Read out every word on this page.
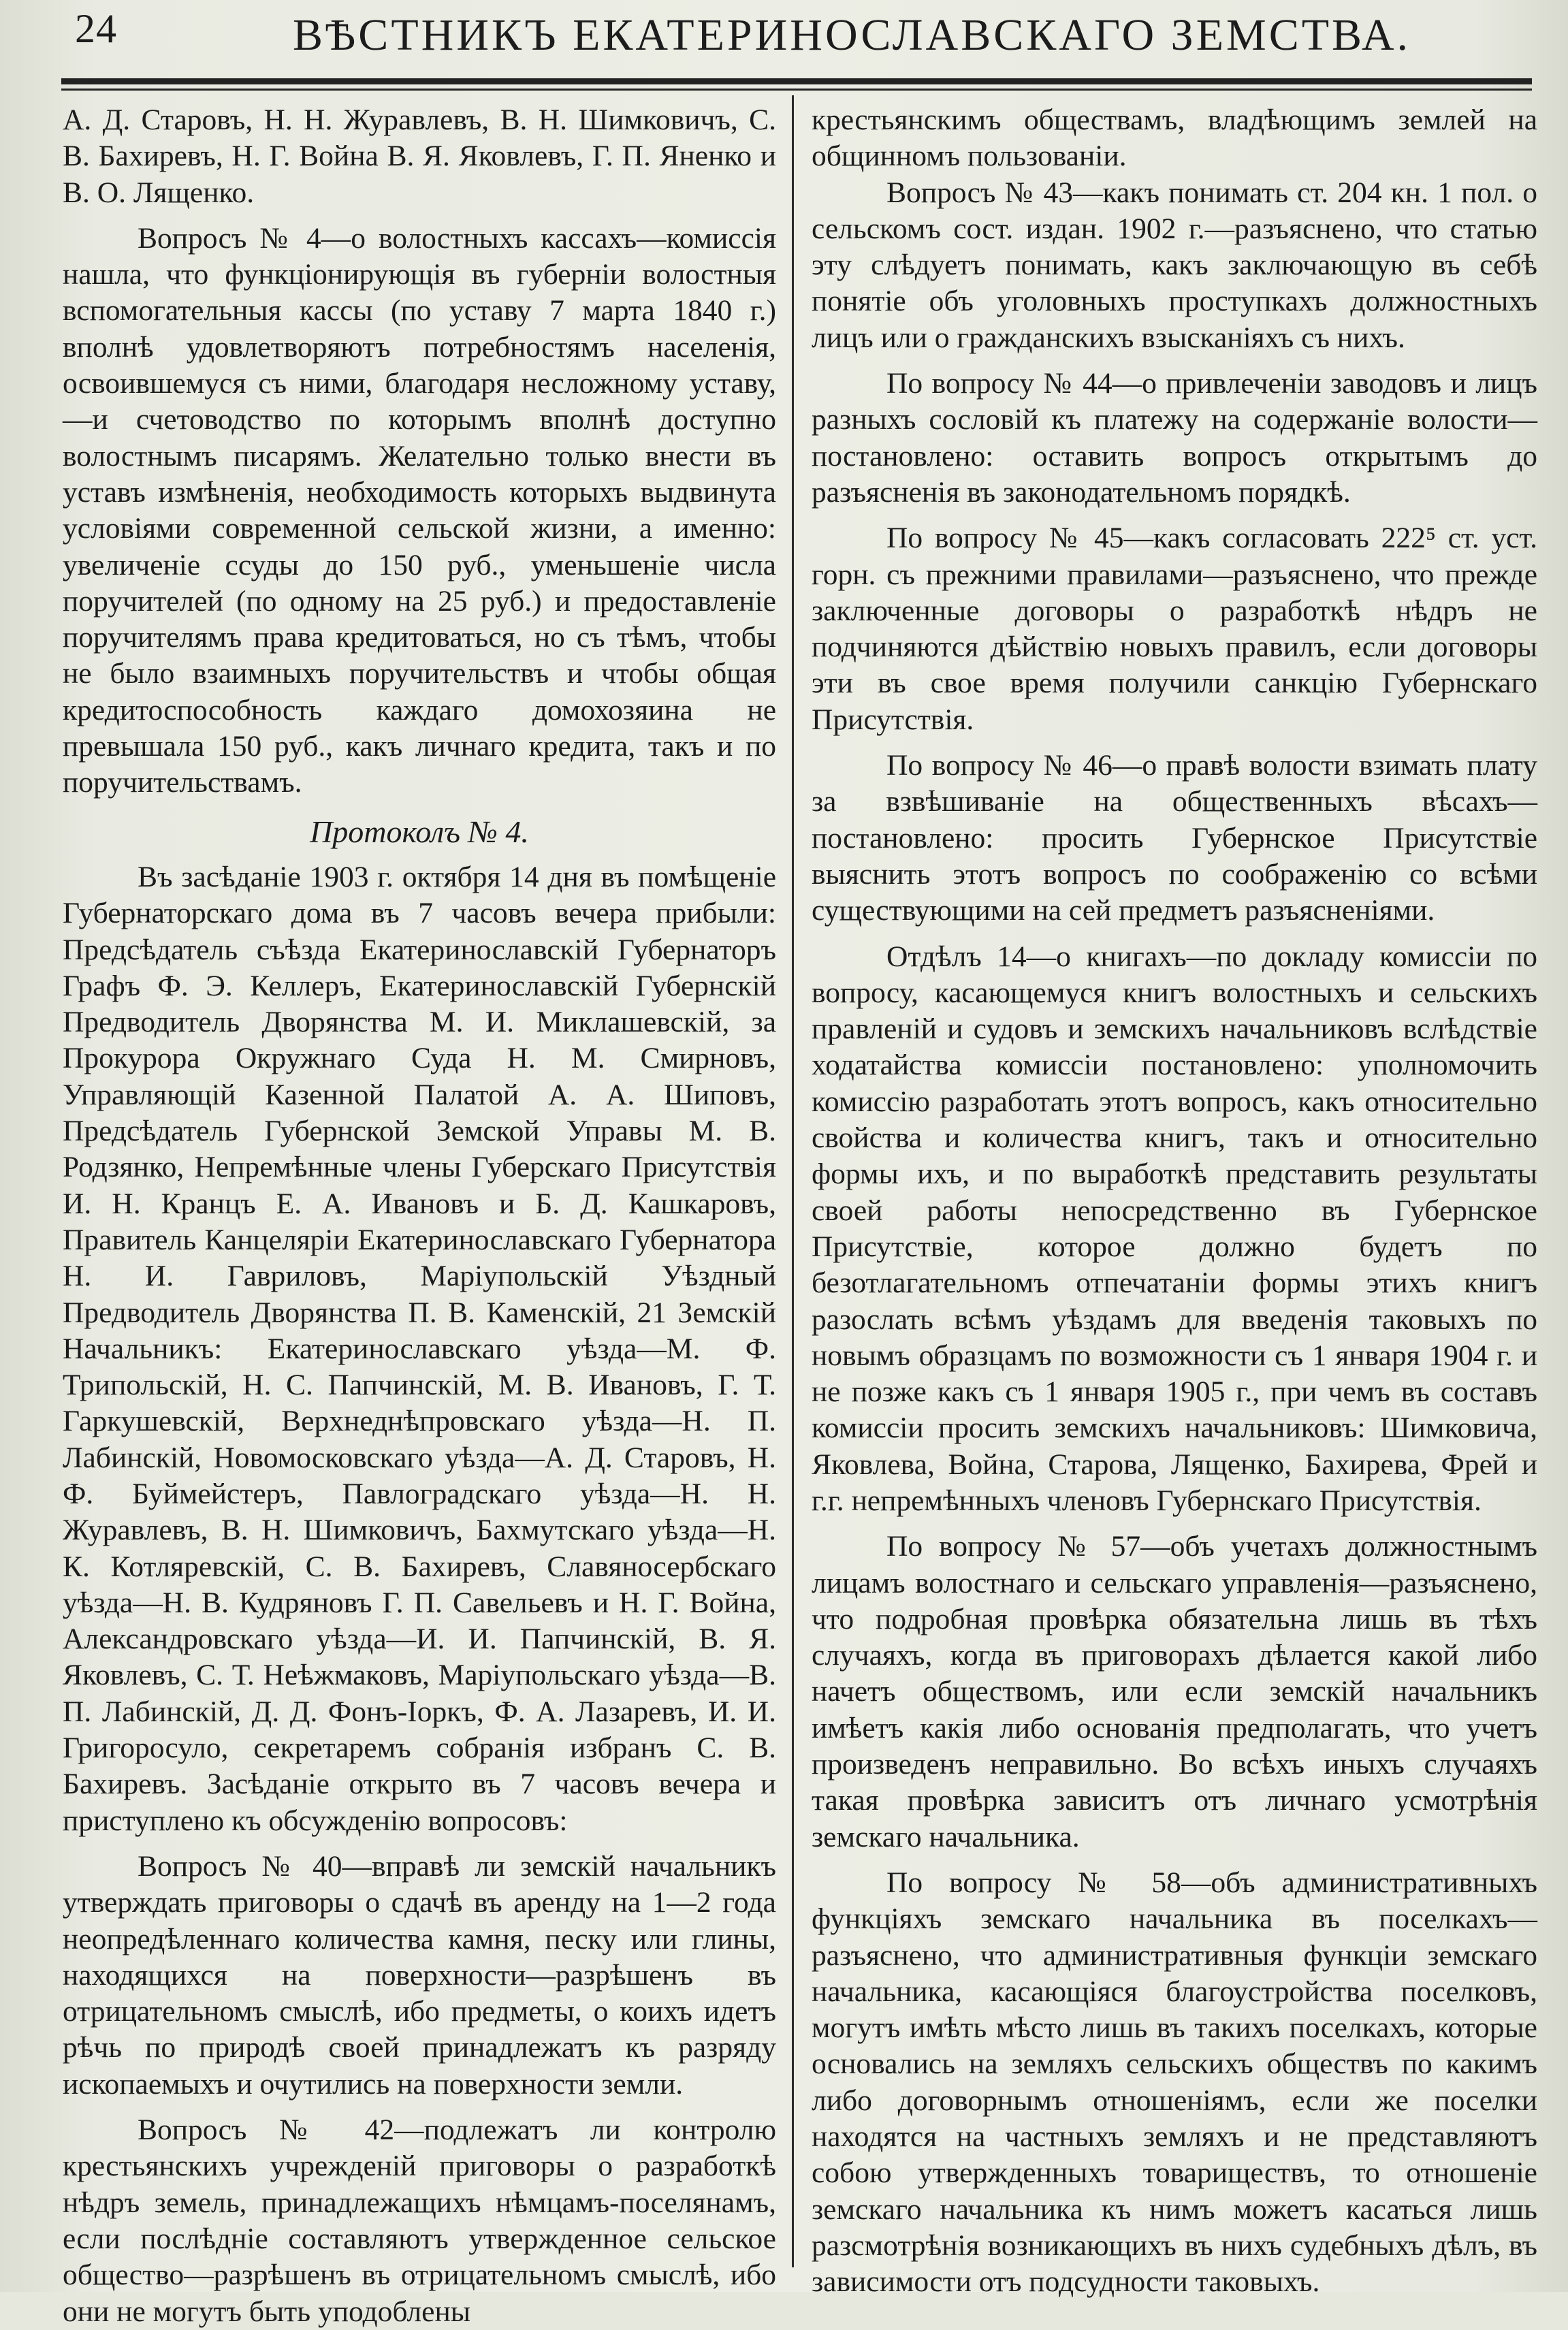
24	ВѢСТНИКЪ ЕКАТЕРИНОСЛАВСКАГО ЗЕМСТВА.

А. Д. Старовъ, Н. Н. Журавлевъ, В. Н. Шимковичъ, С. В. Бахиревъ, Н. Г. Война В. Я. Яковлевъ, Г. П. Яненко и В. О. Лященко.

Вопросъ № 4—о волостныхъ кассахъ—комиссія нашла, что функціонирующія въ губерніи волостныя вспомогательныя кассы (по уставу 7 марта 1840 г.) вполнѣ удовлетворяютъ потребностямъ населенія, освоившемуся съ ними, благодаря несложному уставу,—и счетоводство по которымъ вполнѣ доступно волостнымъ писарямъ. Желательно только внести въ уставъ измѣненія, необходимость которыхъ выдвинута условіями современной сельской жизни, а именно: увеличеніе ссуды до 150 руб., уменьшеніе числа поручителей (по одному на 25 руб.) и предоставленіе поручителямъ права кредитоваться, но съ тѣмъ, чтобы не было взаимныхъ поручительствъ и чтобы общая кредитоспособность каждаго домохозяина не превышала 150 руб., какъ личнаго кредита, такъ и по поручительствамъ.

Протоколъ № 4.

Въ засѣданіе 1903 г. октября 14 дня въ помѣщеніе Губернаторскаго дома въ 7 часовъ вечера прибыли: Предсѣдатель съѣзда Екатеринославскій Губернаторъ Графъ Ф. Э. Келлеръ, Екатеринославскій Губернскій Предводитель Дворянства М. И. Миклашевскій, за Прокурора Окружнаго Суда Н. М. Смирновъ, Управляющій Казенной Палатой А. А. Шиповъ, Предсѣдатель Губернской Земской Управы М. В. Родзянко, Непремѣнные члены Губерскаго Присутствія И. Н. Кранцъ Е. А. Ивановъ и Б. Д. Кашкаровъ, Правитель Канцеляріи Екатеринославскаго Губернатора Н. И. Гавриловъ, Маріупольскій Уѣздный Предводитель Дворянства П. В. Каменскій, 21 Земскій Начальникъ: Екатеринославскаго уѣзда—М. Ф. Трипольскій, Н. С. Папчинскій, М. В. Ивановъ, Г. Т. Гаркушевскій, Верхнеднѣпровскаго уѣзда—Н. П. Лабинскій, Новомосковскаго уѣзда—А. Д. Старовъ, Н. Ф. Буймейстеръ, Павлоградскаго уѣзда—Н. Н. Журавлевъ, В. Н. Шимковичъ, Бахмутскаго уѣзда—Н. К. Котляревскій, С. В. Бахиревъ, Славяносербскаго уѣзда—Н. В. Кудряновъ Г. П. Савельевъ и Н. Г. Война, Александровскаго уѣзда—И. И. Папчинскій, В. Я. Яковлевъ, С. Т. Неѣжмаковъ, Маріупольскаго уѣзда—В. П. Лабинскій, Д. Д. Фонъ-Іоркъ, Ф. А. Лазаревъ, И. И. Григоросуло, секретаремъ собранія избранъ С. В. Бахиревъ. Засѣданіе открыто въ 7 часовъ вечера и приступлено къ обсужденію вопросовъ:

Вопросъ № 40—вправѣ ли земскій начальникъ утверждать приговоры о сдачѣ въ аренду на 1—2 года неопредѣленнаго количества камня, песку или глины, находящихся на поверхности—разрѣшенъ въ отрицательномъ смыслѣ, ибо предметы, о коихъ идетъ рѣчь по природѣ своей принадлежатъ къ разряду ископаемыхъ и очутились на поверхности земли.

Вопросъ № 42—подлежатъ ли контролю крестьянскихъ учрежденій приговоры о разработкѣ нѣдръ земель, принадлежащихъ нѣмцамъ-поселянамъ, если послѣдніе составляютъ утвержденное сельское общество—разрѣшенъ въ отрицательномъ смыслѣ, ибо они не могутъ быть уподоблены

крестьянскимъ обществамъ, владѣющимъ землей на общинномъ пользованіи.

Вопросъ № 43—какъ понимать ст. 204 кн. 1 пол. о сельскомъ сост. издан. 1902 г.—разъяснено, что статью эту слѣдуетъ понимать, какъ заключающую въ себѣ понятіе объ уголовныхъ проступкахъ должностныхъ лицъ или о гражданскихъ взысканіяхъ съ нихъ.

По вопросу № 44—о привлеченіи заводовъ и лицъ разныхъ сословій къ платежу на содержаніе волости—постановлено: оставить вопросъ открытымъ до разъясненія въ законодательномъ порядкѣ.

По вопросу № 45—какъ согласовать 222⁵ ст. уст. горн. съ прежними правилами—разъяснено, что прежде заключенные договоры о разработкѣ нѣдръ не подчиняются дѣйствію новыхъ правилъ, если договоры эти въ свое время получили санкцію Губернскаго Присутствія.

По вопросу № 46—о правѣ волости взимать плату за взвѣшиваніе на общественныхъ вѣсахъ—постановлено: просить Губернское Присутствіе выяснить этотъ вопросъ по соображенію со всѣми существующими на сей предметъ разъясненіями.

Отдѣлъ 14—о книгахъ—по докладу комиссіи по вопросу, касающемуся книгъ волостныхъ и сельскихъ правленій и судовъ и земскихъ начальниковъ вслѣдствіе ходатайства комиссіи постановлено: уполномочить комиссію разработать этотъ вопросъ, какъ относительно свойства и количества книгъ, такъ и относительно формы ихъ, и по выработкѣ представить результаты своей работы непосредственно въ Губернское Присутствіе, которое должно будетъ по безотлагательномъ отпечатаніи формы этихъ книгъ разослать всѣмъ уѣздамъ для введенія таковыхъ по новымъ образцамъ по возможности съ 1 января 1904 г. и не позже какъ съ 1 января 1905 г., при чемъ въ составъ комиссіи просить земскихъ начальниковъ: Шимковича, Яковлева, Война, Старова, Лященко, Бахирева, Фрей и г.г. непремѣнныхъ членовъ Губернскаго Присутствія.

По вопросу № 57—объ учетахъ должностнымъ лицамъ волостнаго и сельскаго управленія—разъяснено, что подробная провѣрка обязательна лишь въ тѣхъ случаяхъ, когда въ приговорахъ дѣлается какой либо начетъ обществомъ, или если земскій начальникъ имѣетъ какія либо основанія предполагать, что учетъ произведенъ неправильно. Во всѣхъ иныхъ случаяхъ такая провѣрка зависитъ отъ личнаго усмотрѣнія земскаго начальника.

По вопросу № 58—объ административныхъ функціяхъ земскаго начальника въ поселкахъ—разъяснено, что административныя функціи земскаго начальника, касающіяся благоустройства поселковъ, могутъ имѣть мѣсто лишь въ такихъ поселкахъ, которые основались на земляхъ сельскихъ обществъ по какимъ либо договорнымъ отношеніямъ, если же поселки находятся на частныхъ земляхъ и не представляютъ собою утвержденныхъ товариществъ, то отношеніе земскаго начальника къ нимъ можетъ касаться лишь разсмотрѣнія возникающихъ въ нихъ судебныхъ дѣлъ, въ зависимости отъ подсудности таковыхъ.
